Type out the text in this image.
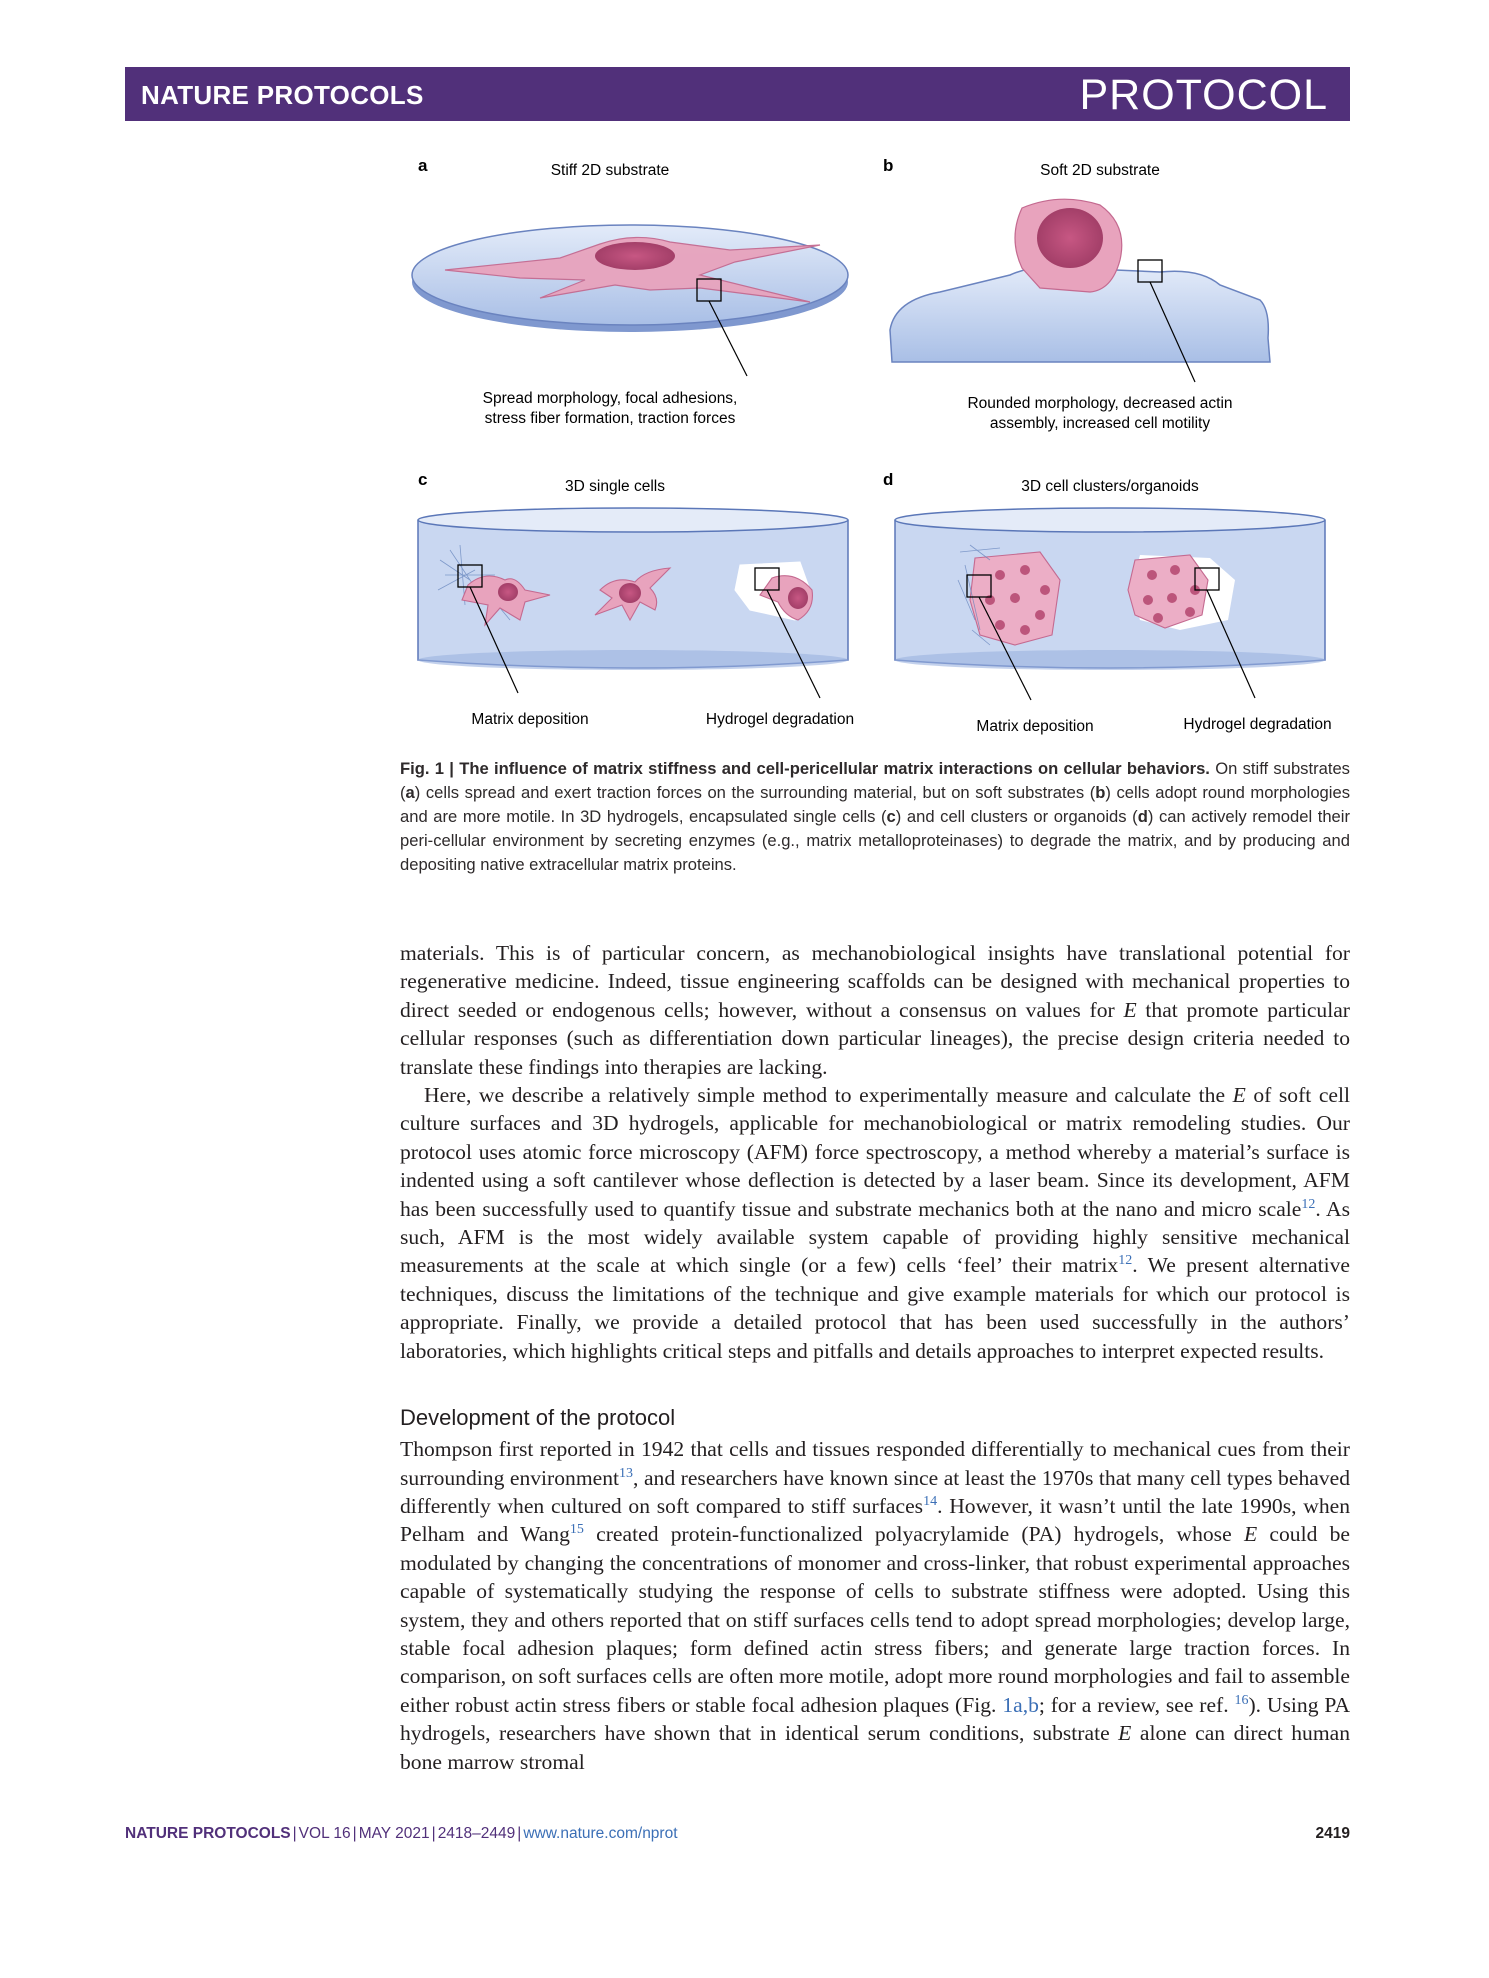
NATURE PROTOCOLS	PROTOCOL
a	Stiff 2D substrate	b	Soft 2D substrate
c	3D single cells	d	3D cell clusters/organoids
Spread morphology, focal adhesions,
stress fiber formation, traction forces
Rounded morphology, decreased actin
assembly, increased cell motility
Matrix deposition	Hydrogel degradation	Matrix deposition	Hydrogel degradation
Fig. 1 | The influence of matrix stiffness and cell-pericellular matrix interactions on cellular behaviors. On stiff substrates (a) cells spread and exert traction forces on the surrounding material, but on soft substrates (b) cells adopt round morphologies and are more motile. In 3D hydrogels, encapsulated single cells (c) and cell clusters or organoids (d) can actively remodel their peri-cellular environment by secreting enzymes (e.g., matrix metalloproteinases) to degrade the matrix, and by producing and depositing native extracellular matrix proteins.

materials. This is of particular concern, as mechanobiological insights have translational potential for regenerative medicine. Indeed, tissue engineering scaffolds can be designed with mechanical properties to direct seeded or endogenous cells; however, without a consensus on values for E that promote particular cellular responses (such as differentiation down particular lineages), the precise design criteria needed to translate these findings into therapies are lacking.

Here, we describe a relatively simple method to experimentally measure and calculate the E of soft cell culture surfaces and 3D hydrogels, applicable for mechanobiological or matrix remodeling studies. Our protocol uses atomic force microscopy (AFM) force spectroscopy, a method whereby a material’s surface is indented using a soft cantilever whose deflection is detected by a laser beam. Since its development, AFM has been successfully used to quantify tissue and substrate mechanics both at the nano and micro scale$^{12}$. As such, AFM is the most widely available system capable of providing highly sensitive mechanical measurements at the scale at which single (or a few) cells ‘feel’ their matrix$^{12}$. We present alternative techniques, discuss the limitations of the technique and give example materials for which our protocol is appropriate. Finally, we provide a detailed protocol that has been used successfully in the authors’ laboratories, which highlights critical steps and pitfalls and details approaches to interpret expected results.

Development of the protocol

Thompson first reported in 1942 that cells and tissues responded differentially to mechanical cues from their surrounding environment$^{13}$, and researchers have known since at least the 1970s that many cell types behaved differently when cultured on soft compared to stiff surfaces$^{14}$. However, it wasn’t until the late 1990s, when Pelham and Wang$^{15}$ created protein-functionalized polyacrylamide (PA) hydrogels, whose E could be modulated by changing the concentrations of monomer and cross-linker, that robust experimental approaches capable of systematically studying the response of cells to substrate stiffness were adopted. Using this system, they and others reported that on stiff surfaces cells tend to adopt spread morphologies; develop large, stable focal adhesion plaques; form defined actin stress fibers; and generate large traction forces. In comparison, on soft surfaces cells are often more motile, adopt more round morphologies and fail to assemble either robust actin stress fibers or stable focal adhesion plaques (Fig. 1a,b; for a review, see ref. $^{16}$). Using PA hydrogels, researchers have shown that in identical serum conditions, substrate E alone can direct human bone marrow stromal

NATURE PROTOCOLS | VOL 16 | MAY 2021 | 2418–2449 | www.nature.com/nprot	2419
